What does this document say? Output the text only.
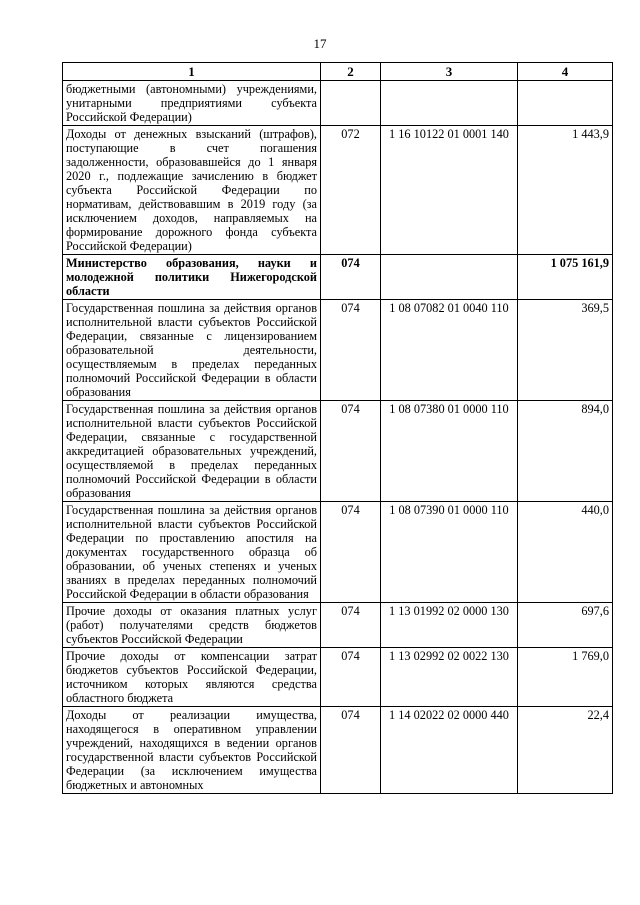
17
1	2	3	4
бюджетными (автономными) учреждениями, унитарными предприятиями субъекта Российской Федерации)			
Доходы от денежных взысканий (штрафов), поступающие в счет погашения задолженности, образовавшейся до 1 января 2020 г., подлежащие зачислению в бюджет субъекта Российской Федерации по нормативам, действовавшим в 2019 году (за исключением доходов, направляемых на формирование дорожного фонда субъекта Российской Федерации)	072	1 16 10122 01 0001 140	1 443,9
Министерство образования, науки и молодежной политики Нижегородской области	074		1 075 161,9
Государственная пошлина за действия органов исполнительной власти субъектов Российской Федерации, связанные с лицензированием образовательной деятельности, осуществляемым в пределах переданных полномочий Российской Федерации в области образования	074	1 08 07082 01 0040 110	369,5
Государственная пошлина за действия органов исполнительной власти субъектов Российской Федерации, связанные с государственной аккредитацией образовательных учреждений, осуществляемой в пределах переданных полномочий Российской Федерации в области образования	074	1 08 07380 01 0000 110	894,0
Государственная пошлина за действия органов исполнительной власти субъектов Российской Федерации по проставлению апостиля на документах государственного образца об образовании, об ученых степенях и ученых званиях в пределах переданных полномочий Российской Федерации в области образования	074	1 08 07390 01 0000 110	440,0
Прочие доходы от оказания платных услуг (работ) получателями средств бюджетов субъектов Российской Федерации	074	1 13 01992 02 0000 130	697,6
Прочие доходы от компенсации затрат бюджетов субъектов Российской Федерации, источником которых являются средства областного бюджета	074	1 13 02992 02 0022 130	1 769,0
Доходы от реализации имущества, находящегося в оперативном управлении учреждений, находящихся в ведении органов государственной власти субъектов Российской Федерации (за исключением имущества бюджетных и автономных	074	1 14 02022 02 0000 440	22,4
